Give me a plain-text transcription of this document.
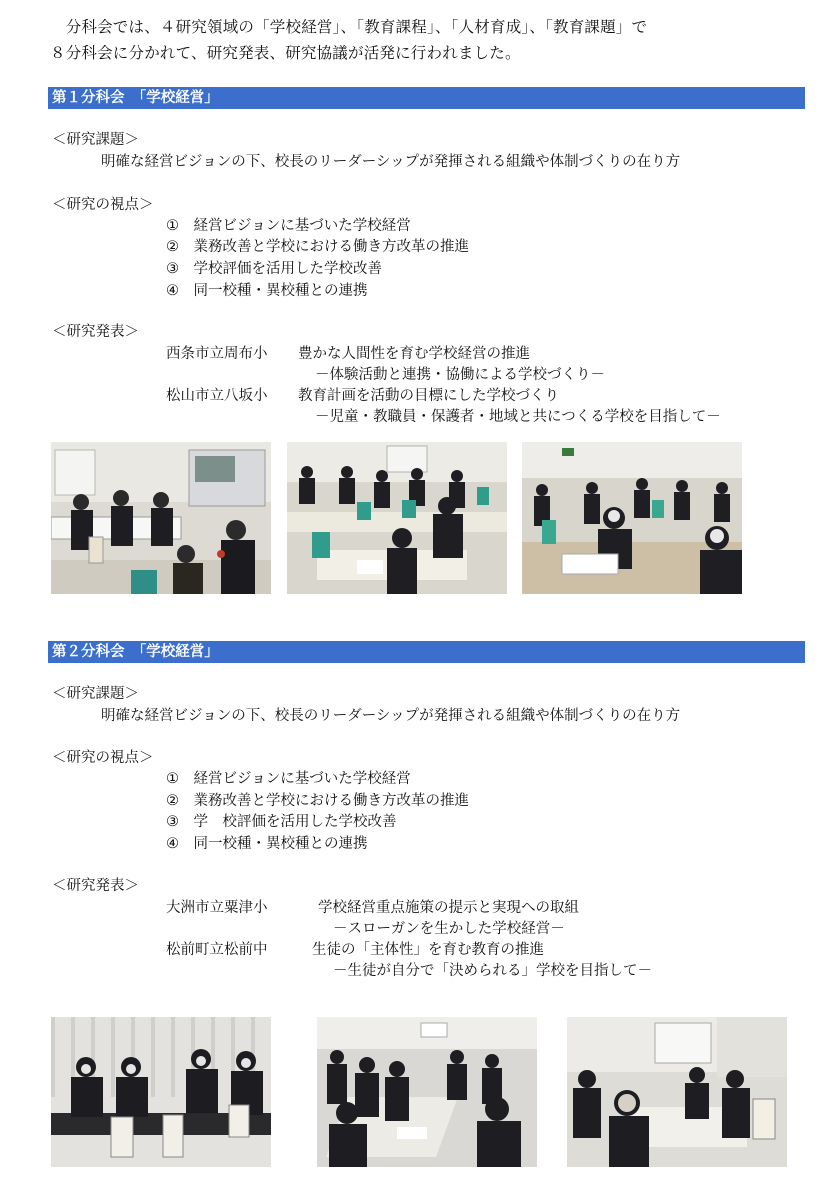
　分科会では、４研究領域の「学校経営」、「教育課程」、「人材育成」、「教育課題」で

８分科会に分かれて、研究発表、研究協議が活発に行われました。

第１分科会　「学校経営」
＜研究課題＞
明確な経営ビジョンの下、校長のリーダーシップが発揮される組織や体制づくりの在り方
＜研究の視点＞
①　経営ビジョンに基づいた学校経営
②　業務改善と学校における働き方改革の推進
③　学校評価を活用した学校改善
④　同一校種・異校種との連携
＜研究発表＞
西条市立周布小 豊かな人間性を育む学校経営の推進
－体験活動と連携・協働による学校づくり－
松山市立八坂小 教育計画を活動の目標にした学校づくり
－児童・教職員・保護者・地域と共につくる学校を目指して－
第２分科会　「学校経営」
＜研究課題＞
明確な経営ビジョンの下、校長のリーダーシップが発揮される組織や体制づくりの在り方
＜研究の視点＞
①　経営ビジョンに基づいた学校経営
②　業務改善と学校における働き方改革の推進
③　学　校評価を活用した学校改善
④　同一校種・異校種との連携
＜研究発表＞
大洲市立粟津小	学校経営重点施策の提示と実現への取組
－スローガンを生かした学校経営－
松前町立松前中	生徒の「主体性」を育む教育の推進
－生徒が自分で「決められる」学校を目指して－
